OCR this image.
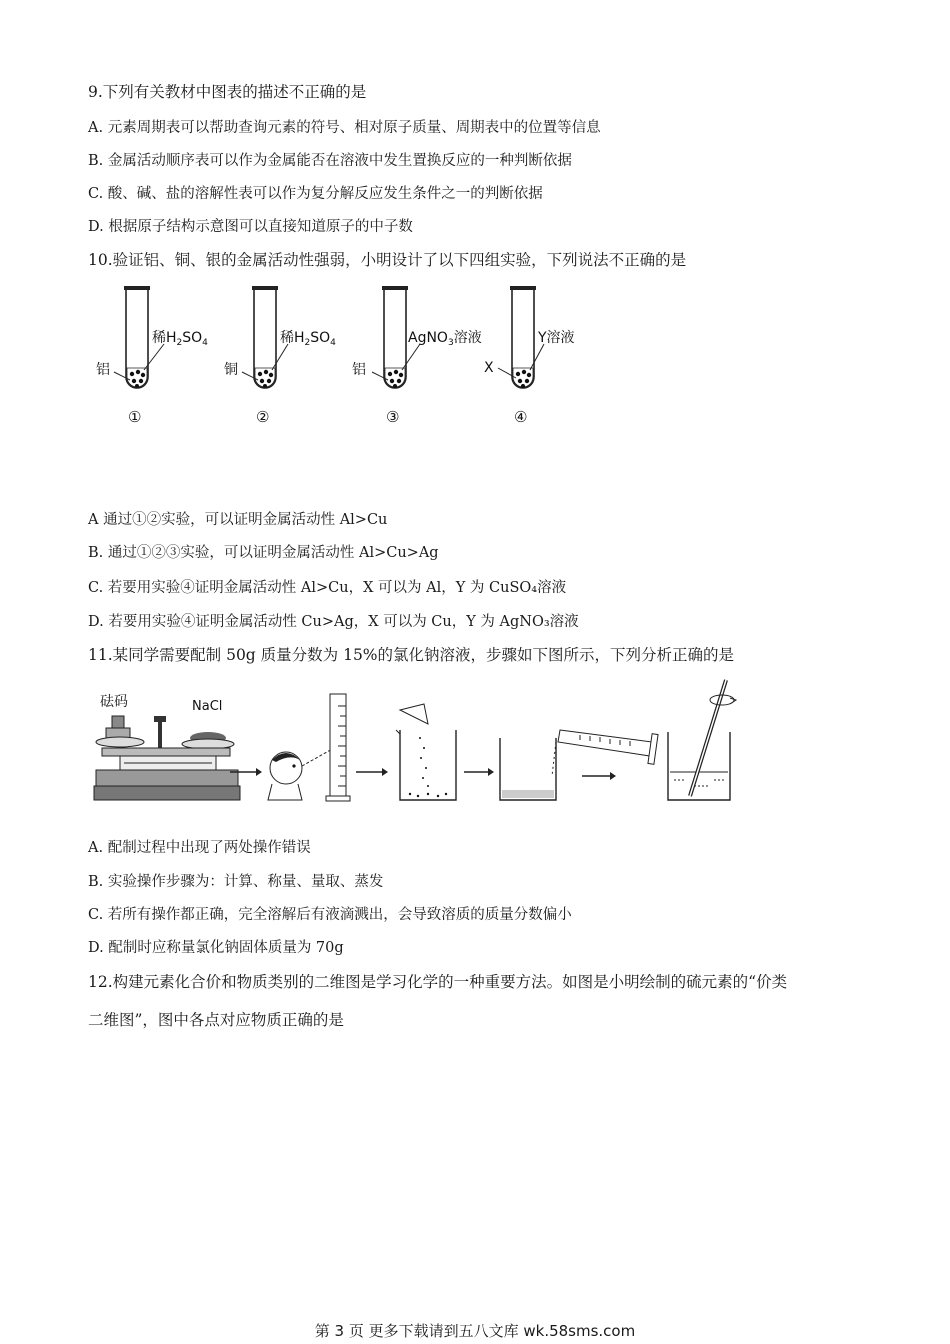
9.下列有关教材中图表的描述不正确的是
A. 元素周期表可以帮助查询元素的符号、相对原子质量、周期表中的位置等信息
B. 金属活动顺序表可以作为金属能否在溶液中发生置换反应的一种判断依据
C. 酸、碱、盐的溶解性表可以作为复分解反应发生条件之一的判断依据
D. 根据原子结构示意图可以直接知道原子的中子数
10.验证铝、铜、银的金属活动性强弱，小明设计了以下四组实验，下列说法不正确的是
铝
稀$H_2SO_4$
①
铜
稀$H_2SO_4$
②
铝
AgNO$_3$溶液
③
X
Y溶液
④
A 通过①②实验，可以证明金属活动性 Al>Cu
B. 通过①②③实验，可以证明金属活动性 Al>Cu>Ag
C. 若要用实验④证明金属活动性 Al>Cu，X 可以为 Al，Y 为 CuSO₄溶液
D. 若要用实验④证明金属活动性 Cu>Ag，X 可以为 Cu，Y 为 AgNO₃溶液
11.某同学需要配制 50g 质量分数为 15%的氯化钠溶液，步骤如下图所示，下列分析正确的是
砝码	NaCl
A. 配制过程中出现了两处操作错误
B. 实验操作步骤为：计算、称量、量取、蒸发
C. 若所有操作都正确，完全溶解后有液滴溅出，会导致溶质的质量分数偏小
D. 配制时应称量氯化钠固体质量为 70g
12.构建元素化合价和物质类别的二维图是学习化学的一种重要方法。如图是小明绘制的硫元素的“价类
二维图”，图中各点对应物质正确的是
第 3 页 更多下载请到五八文库 wk.58sms.com
